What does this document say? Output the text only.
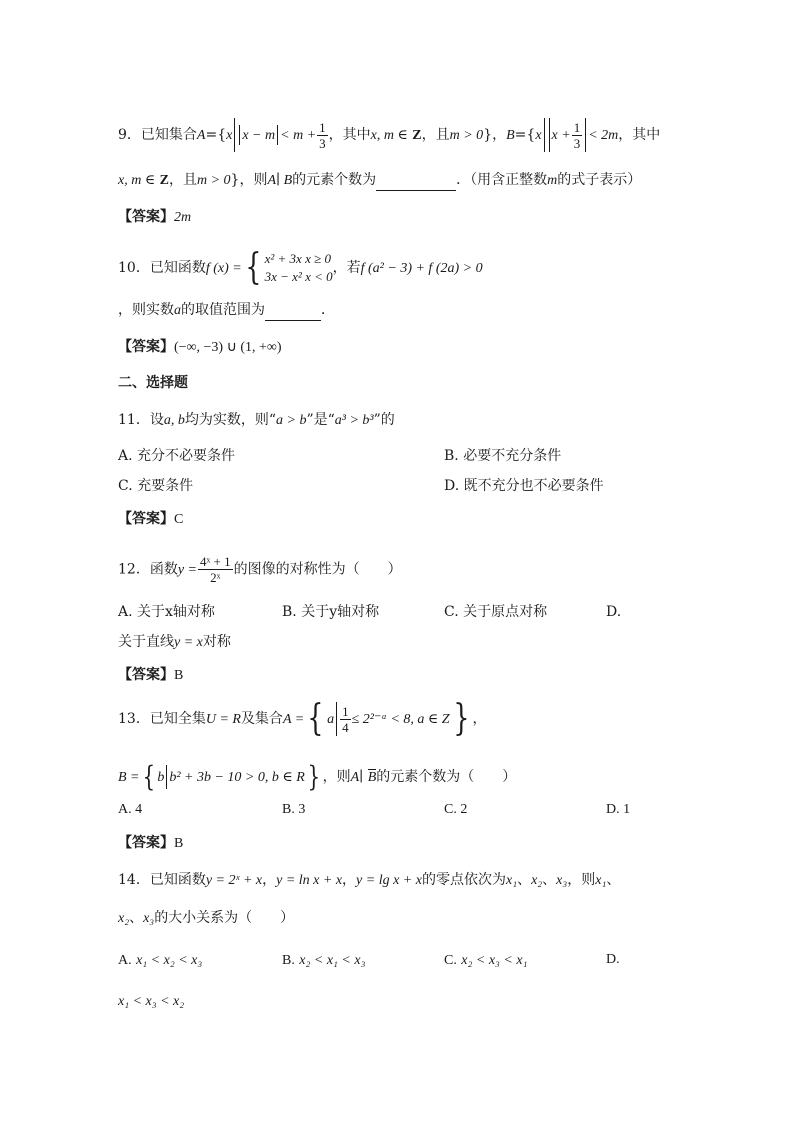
9．已知集合A={x $x - m < m + \frac{1}{3}$ ，其中x, m ∈ Z，且m > 0}，B={x $x + \frac{1}{3} < 2m$，其中
x, m ∈ Z，且m > 0}，则A∣ B的元素个数为	．（用含正整数m的式子表示）
【答案】2m
10．已知函数f (x) ={ x² + 3x x ≥ 0
3x − x² x < 0
，若f (a² − 3) + f (2a) > 0
，则实数a的取值范围为	．
【答案】(−∞, −3) ∪ (1, +∞)
二、选择题
11．设a, b均为实数，则“a > b”是“a³ > b³”的
A. 充分不必要条件	B. 必要不充分条件
C. 充要条件	D. 既不充分也不必要条件
【答案】C
12．函数$y = \frac{\text{4ˣ + 1}}{\text{2ˣ}}$ 的图像的对称性为（　　）
A. 关于x轴对称	B. 关于y轴对称	C. 关于原点对称	D.
关于直线y = x对称
【答案】B
13．已知全集U = R及集合A ={ a $\frac{1}{4}$ ≤ 2²⁻ᵃ < 8, a ∈ Z} ，
B ={ b b² + 3b − 10 > 0, b ∈ R} ，则A∣ B的元素个数为（　　）
A. 4	B. 3	C. 2	D. 1
【答案】B
14．已知函数y = 2ˣ + x，y = ln x + x，y = lg x + x的零点依次为x₁、x₂、x₃，则x₁、
x₂、x₃的大小关系为（　　）
A. x₁ < x₂ < x₃	B. x₂ < x₁ < x₃	C. x₂ < x₃ < x₁	D.
x₁ < x₃ < x₂
